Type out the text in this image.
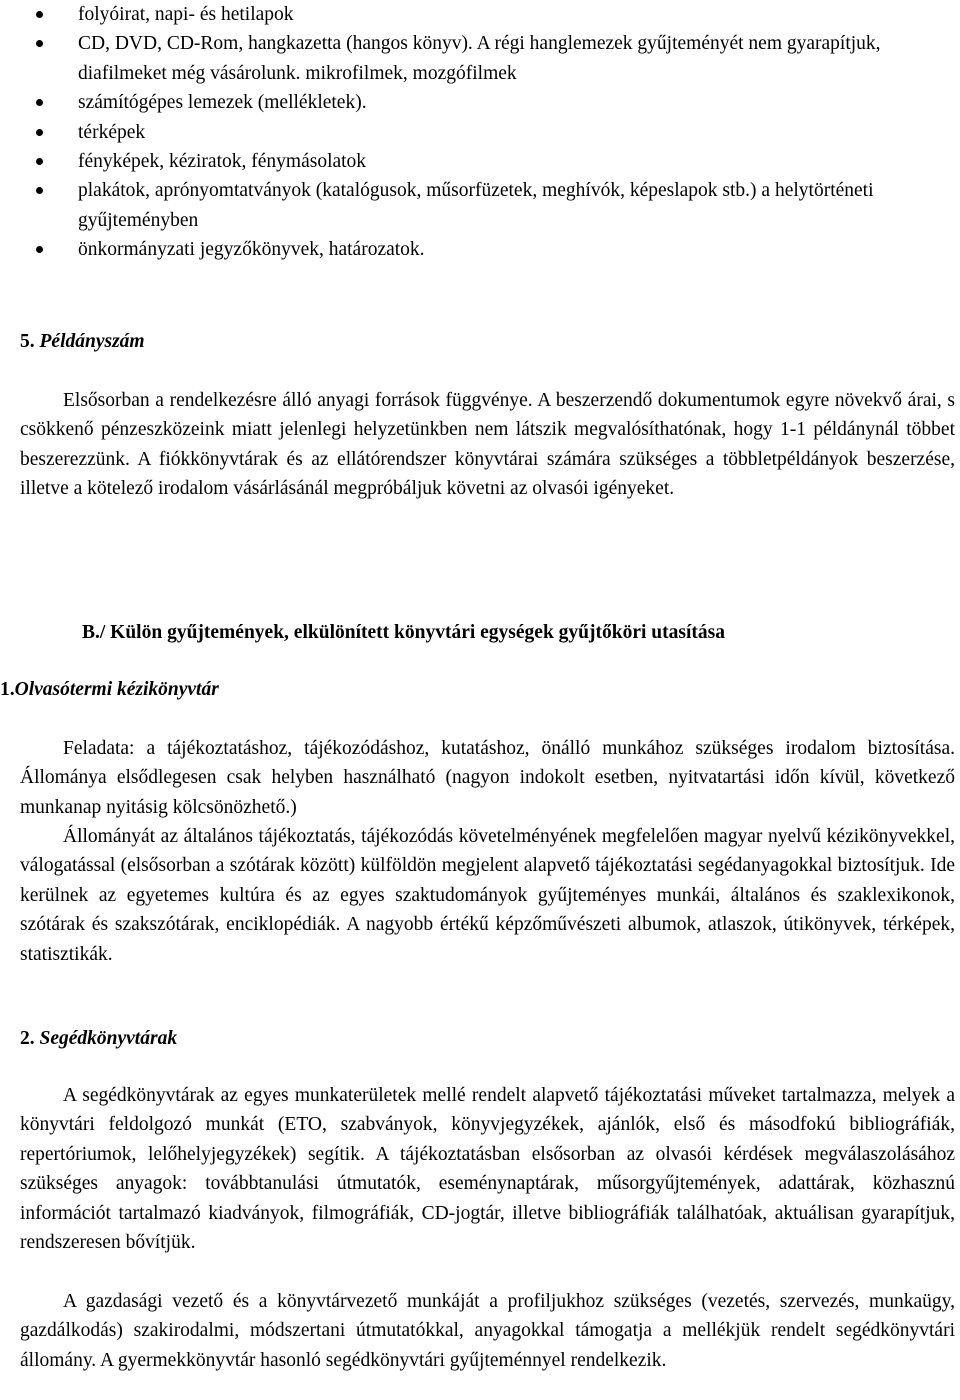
folyóirat, napi- és hetilapok
CD, DVD, CD-Rom, hangkazetta (hangos könyv). A régi hanglemezek gyűjteményét nem gyarapítjuk, diafilmeket még vásárolunk. mikrofilmek, mozgófilmek
számítógépes lemezek (mellékletek).
térképek
fényképek, kéziratok, fénymásolatok
plakátok, aprónyomtatványok (katalógusok, műsorfüzetek, meghívók, képeslapok stb.) a helytörténeti gyűjteményben
önkormányzati jegyzőkönyvek, határozatok.
5. Példányszám

Elsősorban a rendelkezésre álló anyagi források függvénye. A beszerzendő dokumentumok egyre növekvő árai, s csökkenő pénzeszközeink miatt jelenlegi helyzetünkben nem látszik megvalósíthatónak, hogy 1-1 példánynál többet beszerezzünk. A fiókkönyvtárak és az ellátórendszer könyvtárai számára szükséges a többletpéldányok beszerzése, illetve a kötelező irodalom vásárlásánál megpróbáljuk követni az olvasói igényeket.

B./ Külön gyűjtemények, elkülönített könyvtári egységek gyűjtőköri utasítása
1.Olvasótermi kézikönyvtár

Feladata: a tájékoztatáshoz, tájékozódáshoz, kutatáshoz, önálló munkához szükséges irodalom biztosítása. Állománya elsődlegesen csak helyben használható (nagyon indokolt esetben, nyitvatartási időn kívül, következő munkanap nyitásig kölcsönözhető.)

Állományát az általános tájékoztatás, tájékozódás követelményének megfelelően magyar nyelvű kézikönyvekkel, válogatással (elsősorban a szótárak között) külföldön megjelent alapvető tájékoztatási segédanyagokkal biztosítjuk. Ide kerülnek az egyetemes kultúra és az egyes szaktudományok gyűjteményes munkái, általános és szaklexikonok, szótárak és szakszótárak, enciklopédiák. A nagyobb értékű képzőművészeti albumok, atlaszok, útikönyvek, térképek, statisztikák.

2. Segédkönyvtárak

A segédkönyvtárak az egyes munkaterületek mellé rendelt alapvető tájékoztatási műveket tartalmazza, melyek a könyvtári feldolgozó munkát (ETO, szabványok, könyvjegyzékek, ajánlók, első és másodfokú bibliográfiák, repertóriumok, lelőhelyjegyzékek) segítik. A tájékoztatásban elsősorban az olvasói kérdések megválaszolásához szükséges anyagok: továbbtanulási útmutatók, eseménynaptárak, műsorgyűjtemények, adattárak, közhasznú információt tartalmazó kiadványok, filmográfiák, CD-jogtár, illetve bibliográfiák találhatóak, aktuálisan gyarapítjuk, rendszeresen bővítjük.

A gazdasági vezető és a könyvtárvezető munkáját a profiljukhoz szükséges (vezetés, szervezés, munkaügy, gazdálkodás) szakirodalmi, módszertani útmutatókkal, anyagokkal támogatja a mellékjük rendelt segédkönyvtári állomány. A gyermekkönyvtár hasonló segédkönyvtári gyűjteménnyel rendelkezik.
